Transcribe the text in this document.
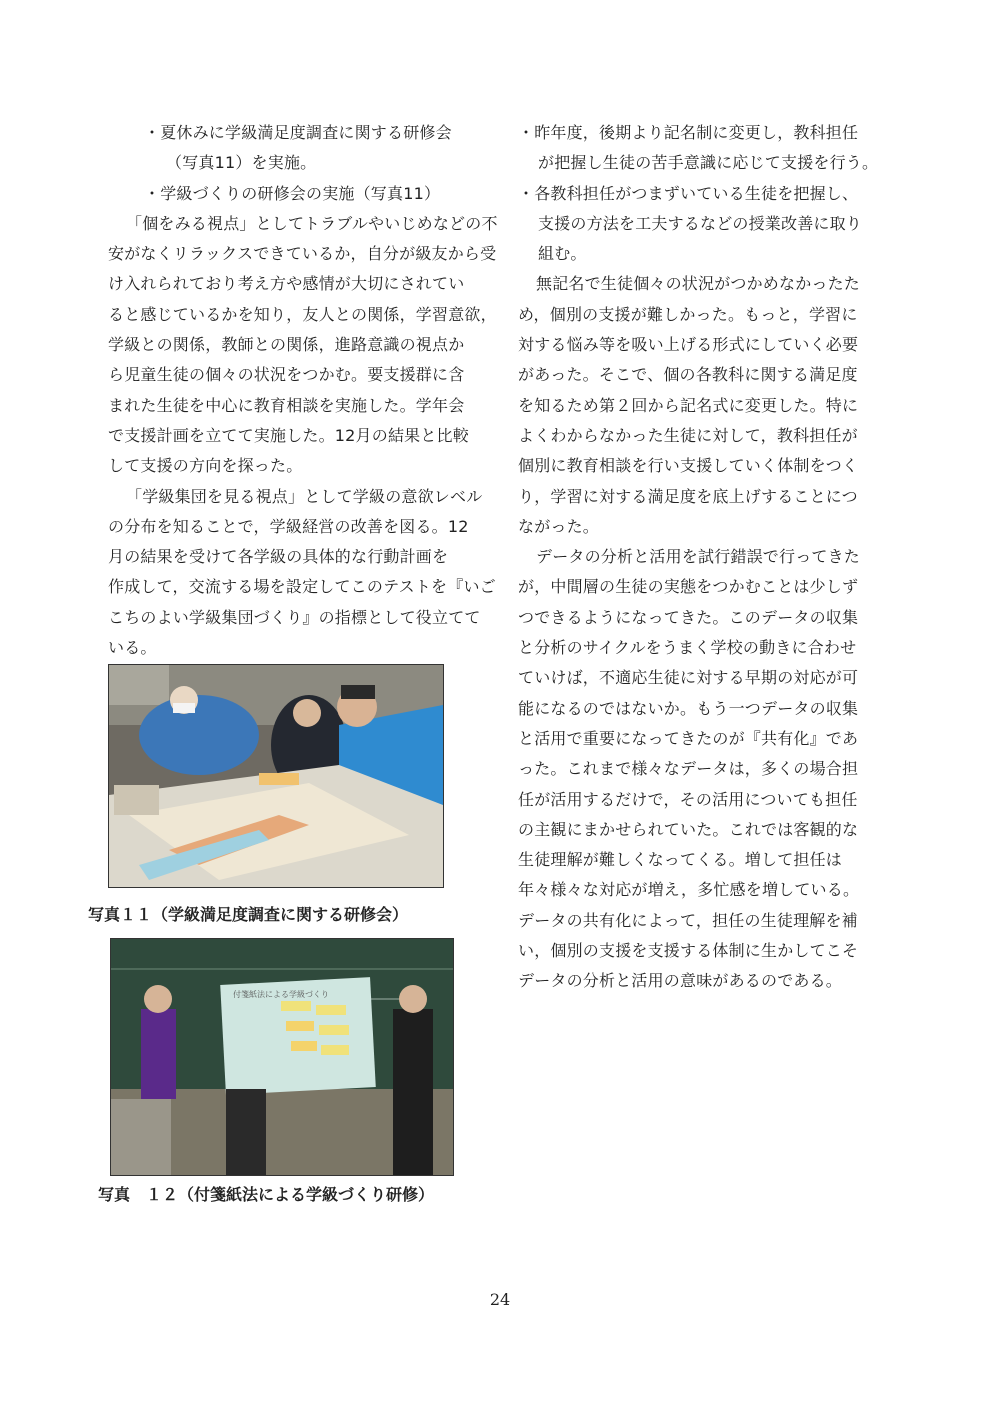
・夏休みに学級満足度調査に関する研修会
（写真11）を実施。
・学級づくりの研修会の実施（写真11）
「個をみる視点」としてトラブルやいじめなどの不
安がなくリラックスできているか，自分が級友から受
け入れられており考え方や感情が大切にされてい
ると感じているかを知り，友人との関係，学習意欲，
学級との関係，教師との関係，進路意識の視点か
ら児童生徒の個々の状況をつかむ。要支援群に含
まれた生徒を中心に教育相談を実施した。学年会
で支援計画を立てて実施した。12月の結果と比較
して支援の方向を探った。
「学級集団を見る視点」として学級の意欲レベル
の分布を知ることで，学級経営の改善を図る。12
月の結果を受けて各学級の具体的な行動計画を
作成して，交流する場を設定してこのテストを『いご
こちのよい学級集団づくり』の指標として役立てて
いる。
・昨年度，後期より記名制に変更し，教科担任
が把握し生徒の苦手意識に応じて支援を行う。
・各教科担任がつまずいている生徒を把握し、
支援の方法を工夫するなどの授業改善に取り
組む。
無記名で生徒個々の状況がつかめなかったた
め，個別の支援が難しかった。もっと，学習に
対する悩み等を吸い上げる形式にしていく必要
があった。そこで、個の各教科に関する満足度
を知るため第２回から記名式に変更した。特に
よくわからなかった生徒に対して，教科担任が
個別に教育相談を行い支援していく体制をつく
り，学習に対する満足度を底上げすることにつ
ながった。
データの分析と活用を試行錯誤で行ってきた
が，中間層の生徒の実態をつかむことは少しず
つできるようになってきた。このデータの収集
と分析のサイクルをうまく学校の動きに合わせ
ていけば，不適応生徒に対する早期の対応が可
能になるのではないか。もう一つデータの収集
と活用で重要になってきたのが『共有化』であ
った。これまで様々なデータは，多くの場合担
任が活用するだけで，その活用についても担任
の主観にまかせられていた。これでは客観的な
生徒理解が難しくなってくる。増して担任は
年々様々な対応が増え，多忙感を増している。
データの共有化によって，担任の生徒理解を補
い，個別の支援を支援する体制に生かしてこそ
データの分析と活用の意味があるのである。
写真１１（学級満足度調査に関する研修会）
付箋紙法による学級づくり
写真　１２（付箋紙法による学級づくり研修）
24
